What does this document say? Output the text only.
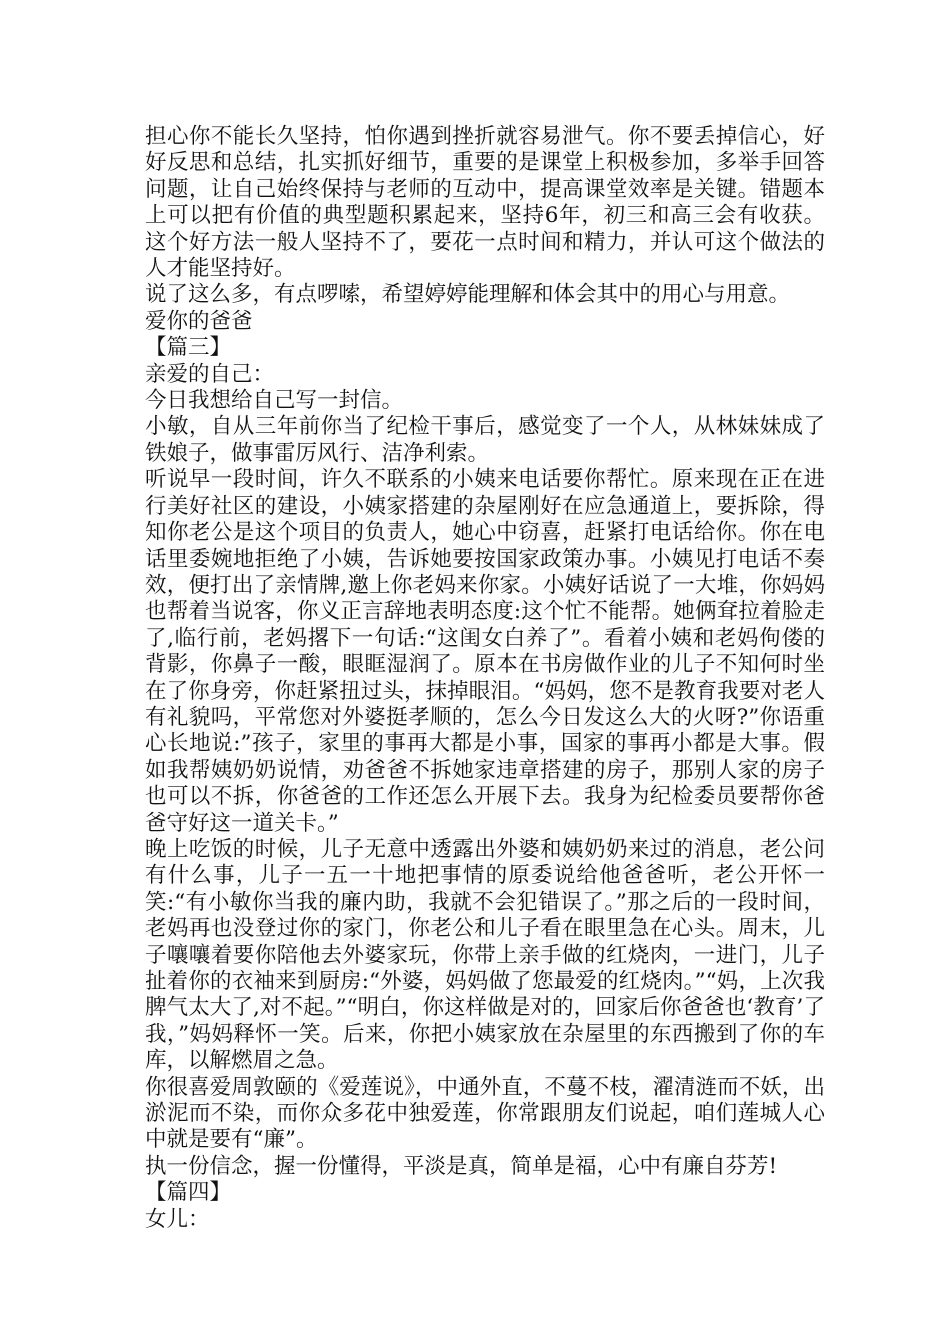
担心你不能长久坚持，怕你遇到挫折就容易泄气。你不要丢掉信心，好好反思和总结，扎实抓好细节，重要的是课堂上积极参加，多举手回答问题，让自己始终保持与老师的互动中，提高课堂效率是关键。错题本上可以把有价值的典型题积累起来，坚持6年，初三和高三会有收获。这个好方法一般人坚持不了，要花一点时间和精力，并认可这个做法的人才能坚持好。

说了这么多，有点啰嗦，希望婷婷能理解和体会其中的用心与用意。

爱你的爸爸

【篇三】

亲爱的自己：

今日我想给自己写一封信。

小敏，自从三年前你当了纪检干事后，感觉变了一个人，从林妹妹成了铁娘子，做事雷厉风行、洁净利索。

听说早一段时间，许久不联系的小姨来电话要你帮忙。原来现在正在进行美好社区的建设，小姨家搭建的杂屋刚好在应急通道上，要拆除，得知你老公是这个项目的负责人，她心中窃喜，赶紧打电话给你。你在电话里委婉地拒绝了小姨，告诉她要按国家政策办事。小姨见打电话不奏效，便打出了亲情牌,邀上你老妈来你家。小姨好话说了一大堆，你妈妈也帮着当说客，你义正言辞地表明态度:这个忙不能帮。她俩耷拉着脸走了,临行前，老妈撂下一句话:“这闺女白养了”。看着小姨和老妈佝偻的背影，你鼻子一酸，眼眶湿润了。原本在书房做作业的儿子不知何时坐在了你身旁，你赶紧扭过头，抹掉眼泪。“妈妈，您不是教育我要对老人有礼貌吗，平常您对外婆挺孝顺的，怎么今日发这么大的火呀?”你语重心长地说:”孩子，家里的事再大都是小事，国家的事再小都是大事。假如我帮姨奶奶说情，劝爸爸不拆她家违章搭建的房子，那别人家的房子也可以不拆，你爸爸的工作还怎么开展下去。我身为纪检委员要帮你爸爸守好这一道关卡。”

晚上吃饭的时候，儿子无意中透露出外婆和姨奶奶来过的消息，老公问有什么事，儿子一五一十地把事情的原委说给他爸爸听，老公开怀一笑:“有小敏你当我的廉内助，我就不会犯错误了。”那之后的一段时间，老妈再也没登过你的家门，你老公和儿子看在眼里急在心头。周末，儿子嚷嚷着要你陪他去外婆家玩，你带上亲手做的红烧肉，一进门，儿子扯着你的衣袖来到厨房:“外婆，妈妈做了您最爱的红烧肉。”“妈，上次我脾气太大了,对不起。”“明白，你这样做是对的，回家后你爸爸也‘教育’了我，”妈妈释怀一笑。后来，你把小姨家放在杂屋里的东西搬到了你的车库，以解燃眉之急。

你很喜爱周敦颐的《爱莲说》，中通外直，不蔓不枝，濯清涟而不妖，出淤泥而不染，而你众多花中独爱莲，你常跟朋友们说起，咱们莲城人心中就是要有“廉”。

执一份信念，握一份懂得，平淡是真，简单是福，心中有廉自芬芳!

【篇四】

女儿：
